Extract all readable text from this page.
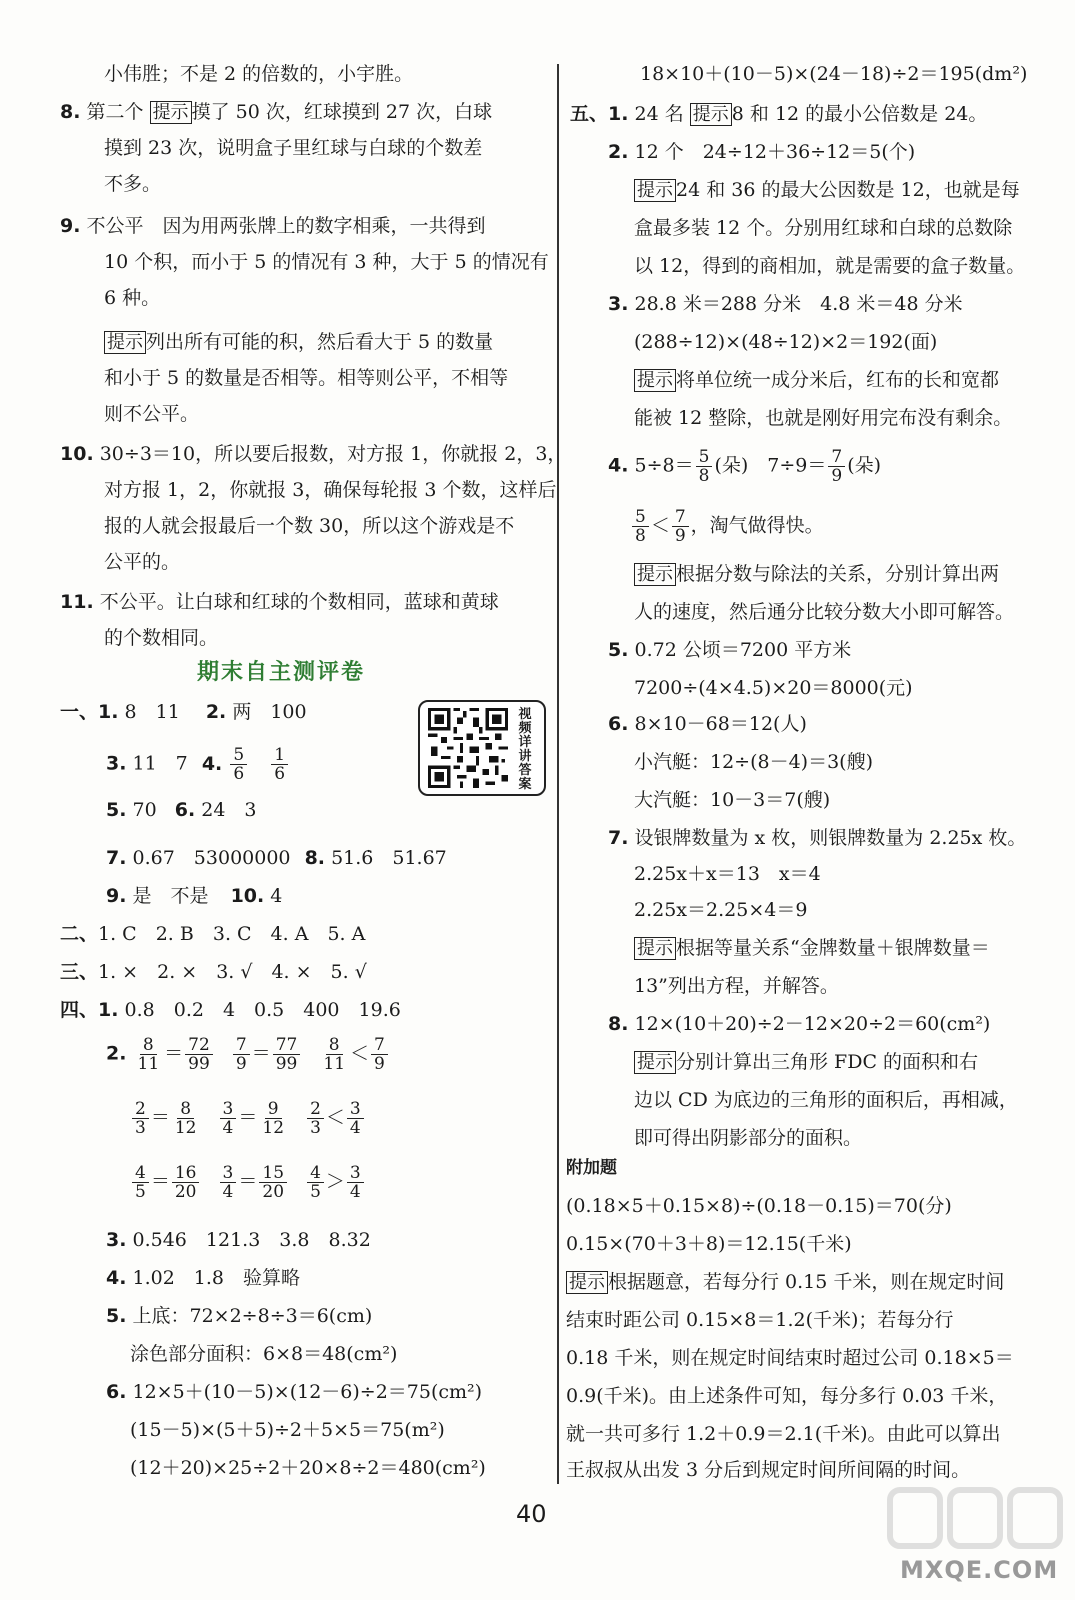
小伟胜；不是 2 的倍数的，小宇胜。
8. 第二个 提示 摸了 50 次，红球摸到 27 次，白球
摸到 23 次，说明盒子里红球与白球的个数差
不多。
9. 不公平　因为用两张牌上的数字相乘，一共得到
10 个积，而小于 5 的情况有 3 种，大于 5 的情况有
6 种。
提示 列出所有可能的积，然后看大于 5 的数量
和小于 5 的数量是否相等。相等则公平，不相等
则不公平。
10. 30÷3＝10，所以要后报数，对方报 1，你就报 2，3，
对方报 1，2，你就报 3，确保每轮报 3 个数，这样后
报的人就会报最后一个数 30，所以这个游戏是不
公平的。
11. 不公平。让白球和红球的个数相同，蓝球和黄球
的个数相同。
期末自主测评卷
视频详讲答案
一、1. 8　11 2. 两　100
3. 11　7 4. $\frac{5}{6}$
$\frac{1}{6}$
5. 70 6. 24　3
7. 0.67　53000000 8. 51.6̇　51.67
9. 是　不是 10. 4
二、1. C　2. B　3. C　4. A　5. A
三、1. ×　2. ×　3. √　4. ×　5. √
四、1. 0.8　0.2　4　0.5　400　19.6
2. $\frac{8}{11} = \frac{72}{99}$
$\frac{7}{9} = \frac{77}{99}$
$\frac{8}{11} < \frac{7}{9}$
$\frac{2}{3} = \frac{8}{12}$
$\frac{3}{4} = \frac{9}{12}$
$\frac{2}{3} < \frac{3}{4}$
$\frac{4}{5} = \frac{16}{20}$
$\frac{3}{4} = \frac{15}{20}$
$\frac{4}{5} > \frac{3}{4}$
3. 0.546　121.3　3.8　8.32
4. 1.02　1.8　验算略
5. 上底：72×2÷8÷3＝6(cm)
涂色部分面积：6×8＝48(cm²)
6. 12×5＋(10－5)×(12－6)÷2＝75(cm²)
(15－5)×(5＋5)÷2＋5×5＝75(m²)
(12＋20)×25÷2＋20×8÷2＝480(cm²)
18×10＋(10－5)×(24－18)÷2＝195(dm²)
五、1. 24 名 提示 8 和 12 的最小公倍数是 24。
2. 12 个　24÷12＋36÷12＝5(个)
提示 24 和 36 的最大公因数是 12，也就是每
盒最多装 12 个。分别用红球和白球的总数除
以 12，得到的商相加，就是需要的盒子数量。
3. 28.8 米＝288 分米　4.8 米＝48 分米
(288÷12)×(48÷12)×2＝192(面)
提示 将单位统一成分米后，红布的长和宽都
能被 12 整除，也就是刚好用完布没有剩余。
4. $5\div 8= \frac{5}{8}$ (朵)　$7\div 9= \frac{7}{9}$ (朵)
$\frac{5}{8} < \frac{7}{9}$ ，淘气做得快。
提示 根据分数与除法的关系，分别计算出两
人的速度，然后通分比较分数大小即可解答。
5. 0.72 公顷＝7200 平方米
7200÷(4×4.5)×20＝8000(元)
6. 8×10－68＝12(人)
小汽艇：12÷(8－4)＝3(艘)
大汽艇：10－3＝7(艘)
7. 设银牌数量为 x 枚，则银牌数量为 2.25x 枚。
2.25x＋x＝13　x＝4
2.25x＝2.25×4＝9
提示 根据等量关系“金牌数量＋银牌数量＝
13”列出方程，并解答。
8. 12×(10＋20)÷2－12×20÷2＝60(cm²)
提示 分别计算出三角形 FDC 的面积和右
边以 CD 为底边的三角形的面积后，再相减，
即可得出阴影部分的面积。
附加题
(0.18×5＋0.15×8)÷(0.18－0.15)＝70(分)
0.15×(70＋3＋8)＝12.15(千米)
提示 根据题意，若每分行 0.15 千米，则在规定时间
结束时距公司 0.15×8＝1.2(千米)；若每分行
0.18 千米，则在规定时间结束时超过公司 0.18×5＝
0.9(千米)。由上述条件可知，每分多行 0.03 千米，
就一共可多行 1.2＋0.9＝2.1(千米)。由此可以算出
王叔叔从出发 3 分后到规定时间所间隔的时间。
40
MXQE.COM
